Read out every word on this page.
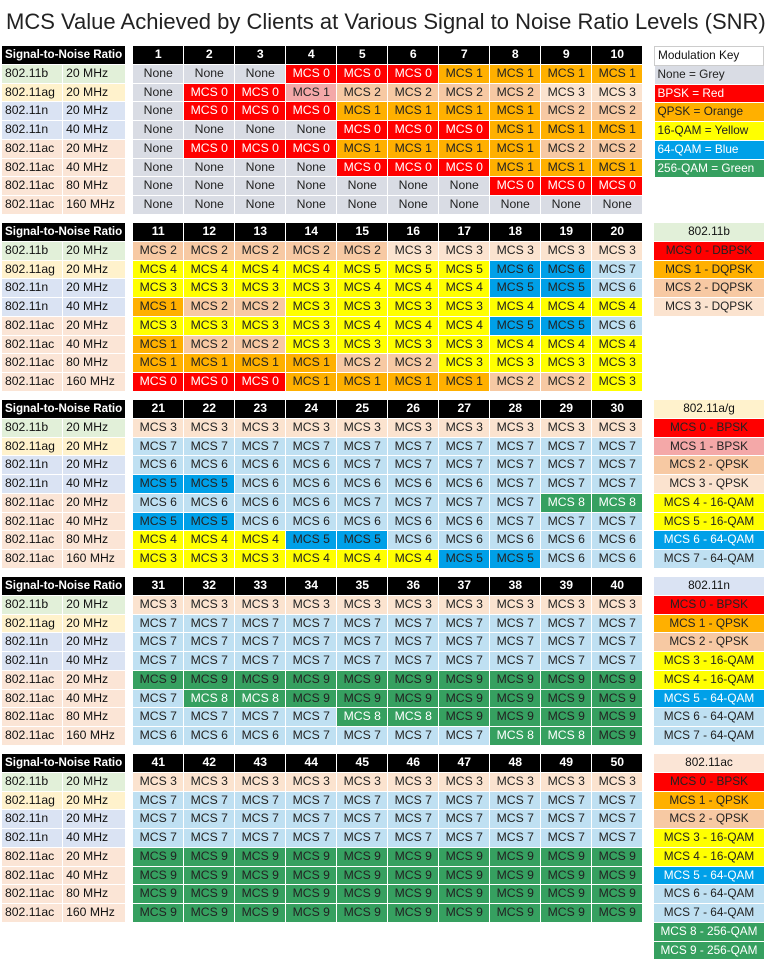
MCS Value Achieved by Clients at Various Signal to Noise Ratio Levels (SNR)
Signal-to-Noise Ratio			1	2	3	4	5	6	7	8	9	10
802.11b	20 MHz		None	None	None	MCS 0	MCS 0	MCS 0	MCS 1	MCS 1	MCS 1	MCS 1
802.11ag	20 MHz		None	MCS 0	MCS 0	MCS 1	MCS 2	MCS 2	MCS 2	MCS 2	MCS 3	MCS 3
802.11n	20 MHz		None	MCS 0	MCS 0	MCS 0	MCS 1	MCS 1	MCS 1	MCS 1	MCS 2	MCS 2
802.11n	40 MHz		None	None	None	None	MCS 0	MCS 0	MCS 0	MCS 1	MCS 1	MCS 1
802.11ac	20 MHz		None	MCS 0	MCS 0	MCS 0	MCS 1	MCS 1	MCS 1	MCS 1	MCS 2	MCS 2
802.11ac	40 MHz		None	None	None	None	MCS 0	MCS 0	MCS 0	MCS 1	MCS 1	MCS 1
802.11ac	80 MHz		None	None	None	None	None	None	None	MCS 0	MCS 0	MCS 0
802.11ac	160 MHz		None	None	None	None	None	None	None	None	None	None
Signal-to-Noise Ratio			11	12	13	14	15	16	17	18	19	20
802.11b	20 MHz		MCS 2	MCS 2	MCS 2	MCS 2	MCS 2	MCS 3	MCS 3	MCS 3	MCS 3	MCS 3
802.11ag	20 MHz		MCS 4	MCS 4	MCS 4	MCS 4	MCS 5	MCS 5	MCS 5	MCS 6	MCS 6	MCS 7
802.11n	20 MHz		MCS 3	MCS 3	MCS 3	MCS 3	MCS 4	MCS 4	MCS 4	MCS 5	MCS 5	MCS 6
802.11n	40 MHz		MCS 1	MCS 2	MCS 2	MCS 3	MCS 3	MCS 3	MCS 3	MCS 4	MCS 4	MCS 4
802.11ac	20 MHz		MCS 3	MCS 3	MCS 3	MCS 3	MCS 4	MCS 4	MCS 4	MCS 5	MCS 5	MCS 6
802.11ac	40 MHz		MCS 1	MCS 2	MCS 2	MCS 3	MCS 3	MCS 3	MCS 3	MCS 4	MCS 4	MCS 4
802.11ac	80 MHz		MCS 1	MCS 1	MCS 1	MCS 1	MCS 2	MCS 2	MCS 3	MCS 3	MCS 3	MCS 3
802.11ac	160 MHz		MCS 0	MCS 0	MCS 0	MCS 1	MCS 1	MCS 1	MCS 1	MCS 2	MCS 2	MCS 3
Signal-to-Noise Ratio			21	22	23	24	25	26	27	28	29	30
802.11b	20 MHz		MCS 3	MCS 3	MCS 3	MCS 3	MCS 3	MCS 3	MCS 3	MCS 3	MCS 3	MCS 3
802.11ag	20 MHz		MCS 7	MCS 7	MCS 7	MCS 7	MCS 7	MCS 7	MCS 7	MCS 7	MCS 7	MCS 7
802.11n	20 MHz		MCS 6	MCS 6	MCS 6	MCS 6	MCS 7	MCS 7	MCS 7	MCS 7	MCS 7	MCS 7
802.11n	40 MHz		MCS 5	MCS 5	MCS 6	MCS 6	MCS 6	MCS 6	MCS 6	MCS 7	MCS 7	MCS 7
802.11ac	20 MHz		MCS 6	MCS 6	MCS 6	MCS 6	MCS 7	MCS 7	MCS 7	MCS 7	MCS 8	MCS 8
802.11ac	40 MHz		MCS 5	MCS 5	MCS 6	MCS 6	MCS 6	MCS 6	MCS 6	MCS 7	MCS 7	MCS 7
802.11ac	80 MHz		MCS 4	MCS 4	MCS 4	MCS 5	MCS 5	MCS 6	MCS 6	MCS 6	MCS 6	MCS 6
802.11ac	160 MHz		MCS 3	MCS 3	MCS 3	MCS 4	MCS 4	MCS 4	MCS 5	MCS 5	MCS 6	MCS 6
Signal-to-Noise Ratio			31	32	33	34	35	36	37	38	39	40
802.11b	20 MHz		MCS 3	MCS 3	MCS 3	MCS 3	MCS 3	MCS 3	MCS 3	MCS 3	MCS 3	MCS 3
802.11ag	20 MHz		MCS 7	MCS 7	MCS 7	MCS 7	MCS 7	MCS 7	MCS 7	MCS 7	MCS 7	MCS 7
802.11n	20 MHz		MCS 7	MCS 7	MCS 7	MCS 7	MCS 7	MCS 7	MCS 7	MCS 7	MCS 7	MCS 7
802.11n	40 MHz		MCS 7	MCS 7	MCS 7	MCS 7	MCS 7	MCS 7	MCS 7	MCS 7	MCS 7	MCS 7
802.11ac	20 MHz		MCS 9	MCS 9	MCS 9	MCS 9	MCS 9	MCS 9	MCS 9	MCS 9	MCS 9	MCS 9
802.11ac	40 MHz		MCS 7	MCS 8	MCS 8	MCS 9	MCS 9	MCS 9	MCS 9	MCS 9	MCS 9	MCS 9
802.11ac	80 MHz		MCS 7	MCS 7	MCS 7	MCS 7	MCS 8	MCS 8	MCS 9	MCS 9	MCS 9	MCS 9
802.11ac	160 MHz		MCS 6	MCS 6	MCS 6	MCS 7	MCS 7	MCS 7	MCS 7	MCS 8	MCS 8	MCS 9
Signal-to-Noise Ratio			41	42	43	44	45	46	47	48	49	50
802.11b	20 MHz		MCS 3	MCS 3	MCS 3	MCS 3	MCS 3	MCS 3	MCS 3	MCS 3	MCS 3	MCS 3
802.11ag	20 MHz		MCS 7	MCS 7	MCS 7	MCS 7	MCS 7	MCS 7	MCS 7	MCS 7	MCS 7	MCS 7
802.11n	20 MHz		MCS 7	MCS 7	MCS 7	MCS 7	MCS 7	MCS 7	MCS 7	MCS 7	MCS 7	MCS 7
802.11n	40 MHz		MCS 7	MCS 7	MCS 7	MCS 7	MCS 7	MCS 7	MCS 7	MCS 7	MCS 7	MCS 7
802.11ac	20 MHz		MCS 9	MCS 9	MCS 9	MCS 9	MCS 9	MCS 9	MCS 9	MCS 9	MCS 9	MCS 9
802.11ac	40 MHz		MCS 9	MCS 9	MCS 9	MCS 9	MCS 9	MCS 9	MCS 9	MCS 9	MCS 9	MCS 9
802.11ac	80 MHz		MCS 9	MCS 9	MCS 9	MCS 9	MCS 9	MCS 9	MCS 9	MCS 9	MCS 9	MCS 9
802.11ac	160 MHz		MCS 9	MCS 9	MCS 9	MCS 9	MCS 9	MCS 9	MCS 9	MCS 9	MCS 9	MCS 9
Modulation Key
None = Grey
BPSK = Red
QPSK = Orange
16-QAM = Yellow
64-QAM = Blue
256-QAM = Green
802.11b
MCS 0 - DBPSK
MCS 1 - DQPSK
MCS 2 - DQPSK
MCS 3 - DQPSK
802.11a/g
MCS 0 - BPSK
MCS 1 - BPSK
MCS 2 - QPSK
MCS 3 - QPSK
MCS 4 - 16-QAM
MCS 5 - 16-QAM
MCS 6 - 64-QAM
MCS 7 - 64-QAM
802.11n
MCS 0 - BPSK
MCS 1 - QPSK
MCS 2 - QPSK
MCS 3 - 16-QAM
MCS 4 - 16-QAM
MCS 5 - 64-QAM
MCS 6 - 64-QAM
MCS 7 - 64-QAM
802.11ac
MCS 0 - BPSK
MCS 1 - QPSK
MCS 2 - QPSK
MCS 3 - 16-QAM
MCS 4 - 16-QAM
MCS 5 - 64-QAM
MCS 6 - 64-QAM
MCS 7 - 64-QAM
MCS 8 - 256-QAM
MCS 9 - 256-QAM
